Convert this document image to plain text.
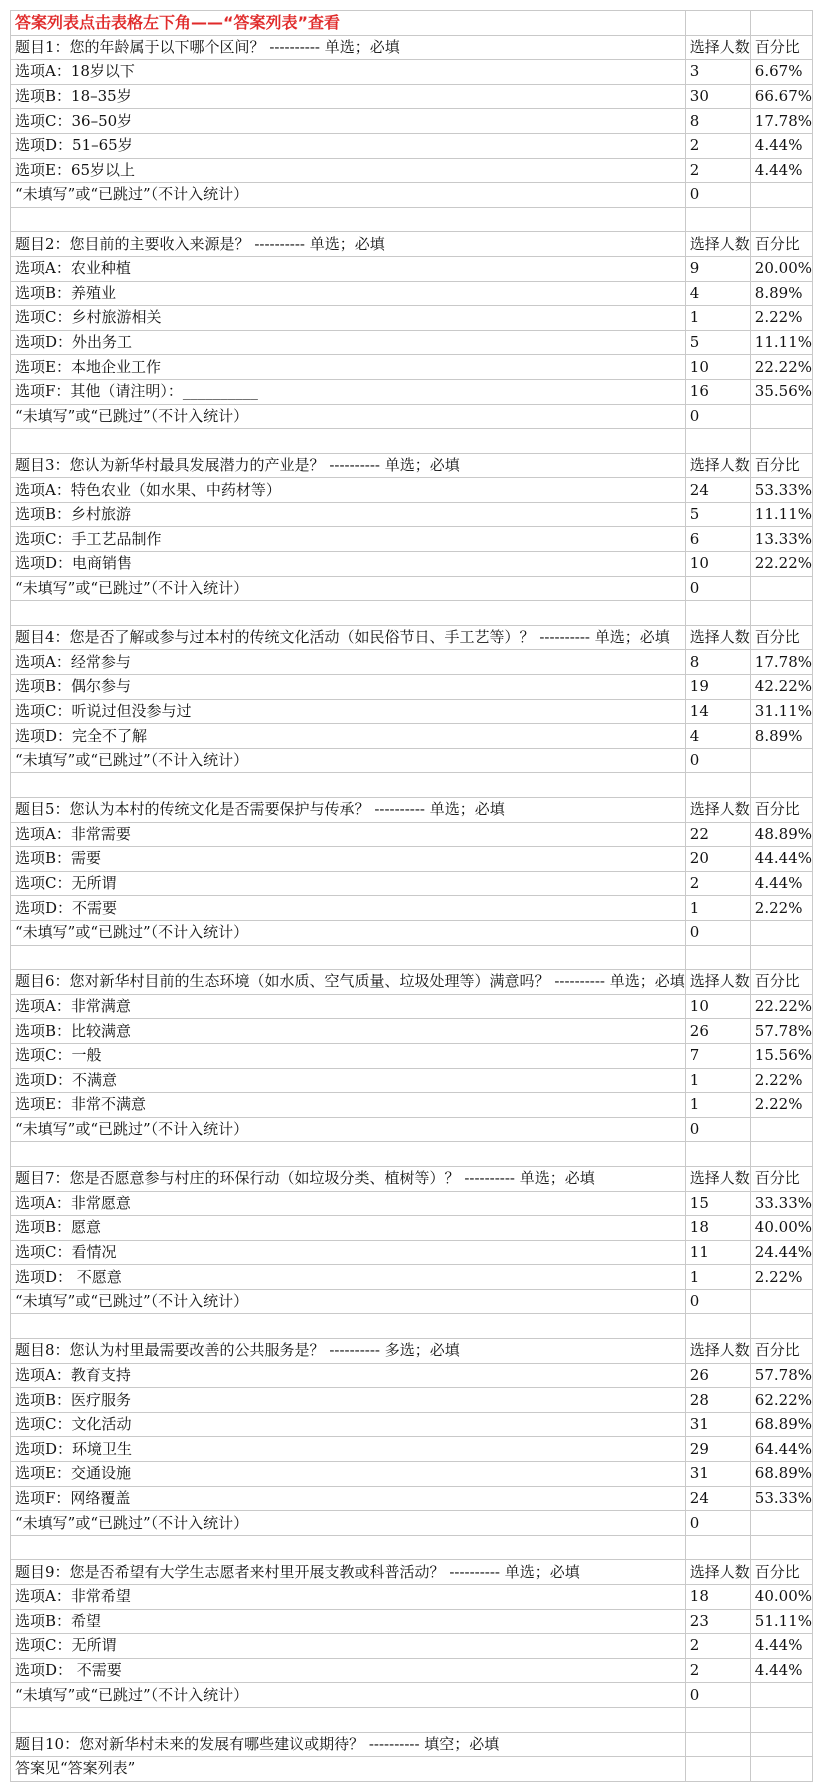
答案列表点击表格左下角——“答案列表”查看		
题目1：您的年龄属于以下哪个区间？ ---------- 单选；必填	选择人数	百分比
选项A：18岁以下	3	6.67%
选项B：18–35岁	30	66.67%
选项C：36–50岁	8	17.78%
选项D：51–65岁	2	4.44%
选项E：65岁以上	2	4.44%
“未填写”或“已跳过”（不计入统计）	0	

题目2：您目前的主要收入来源是？ ---------- 单选；必填	选择人数	百分比
选项A：农业种植	9	20.00%
选项B：养殖业	4	8.89%
选项C：乡村旅游相关	1	2.22%
选项D：外出务工	5	11.11%
选项E：本地企业工作	10	22.22%
选项F：其他（请注明）：__________	16	35.56%
“未填写”或“已跳过”（不计入统计）	0	

题目3：您认为新华村最具发展潜力的产业是？ ---------- 单选；必填	选择人数	百分比
选项A：特色农业（如水果、中药材等）	24	53.33%
选项B：乡村旅游	5	11.11%
选项C：手工艺品制作	6	13.33%
选项D：电商销售	10	22.22%
“未填写”或“已跳过”（不计入统计）	0	

题目4：您是否了解或参与过本村的传统文化活动（如民俗节日、手工艺等）？ ---------- 单选；必填	选择人数	百分比
选项A：经常参与	8	17.78%
选项B：偶尔参与	19	42.22%
选项C：听说过但没参与过	14	31.11%
选项D：完全不了解	4	8.89%
“未填写”或“已跳过”（不计入统计）	0	

题目5：您认为本村的传统文化是否需要保护与传承？ ---------- 单选；必填	选择人数	百分比
选项A：非常需要	22	48.89%
选项B：需要	20	44.44%
选项C：无所谓	2	4.44%
选项D：不需要	1	2.22%
“未填写”或“已跳过”（不计入统计）	0	

题目6：您对新华村目前的生态环境（如水质、空气质量、垃圾处理等）满意吗？ ---------- 单选；必填	选择人数	百分比
选项A：非常满意	10	22.22%
选项B：比较满意	26	57.78%
选项C：一般	7	15.56%
选项D：不满意	1	2.22%
选项E：非常不满意	1	2.22%
“未填写”或“已跳过”（不计入统计）	0	

题目7：您是否愿意参与村庄的环保行动（如垃圾分类、植树等）？ ---------- 单选；必填	选择人数	百分比
选项A：非常愿意	15	33.33%
选项B：愿意	18	40.00%
选项C：看情况	11	24.44%
选项D： 不愿意	1	2.22%
“未填写”或“已跳过”（不计入统计）	0	

题目8：您认为村里最需要改善的公共服务是？ ---------- 多选；必填	选择人数	百分比
选项A：教育支持	26	57.78%
选项B：医疗服务	28	62.22%
选项C：文化活动	31	68.89%
选项D：环境卫生	29	64.44%
选项E：交通设施	31	68.89%
选项F：网络覆盖	24	53.33%
“未填写”或“已跳过”（不计入统计）	0	

题目9：您是否希望有大学生志愿者来村里开展支教或科普活动？ ---------- 单选；必填	选择人数	百分比
选项A：非常希望	18	40.00%
选项B：希望	23	51.11%
选项C：无所谓	2	4.44%
选项D： 不需要	2	4.44%
“未填写”或“已跳过”（不计入统计）	0	

题目10：您对新华村未来的发展有哪些建议或期待？ ---------- 填空；必填		
答案见“答案列表”		
